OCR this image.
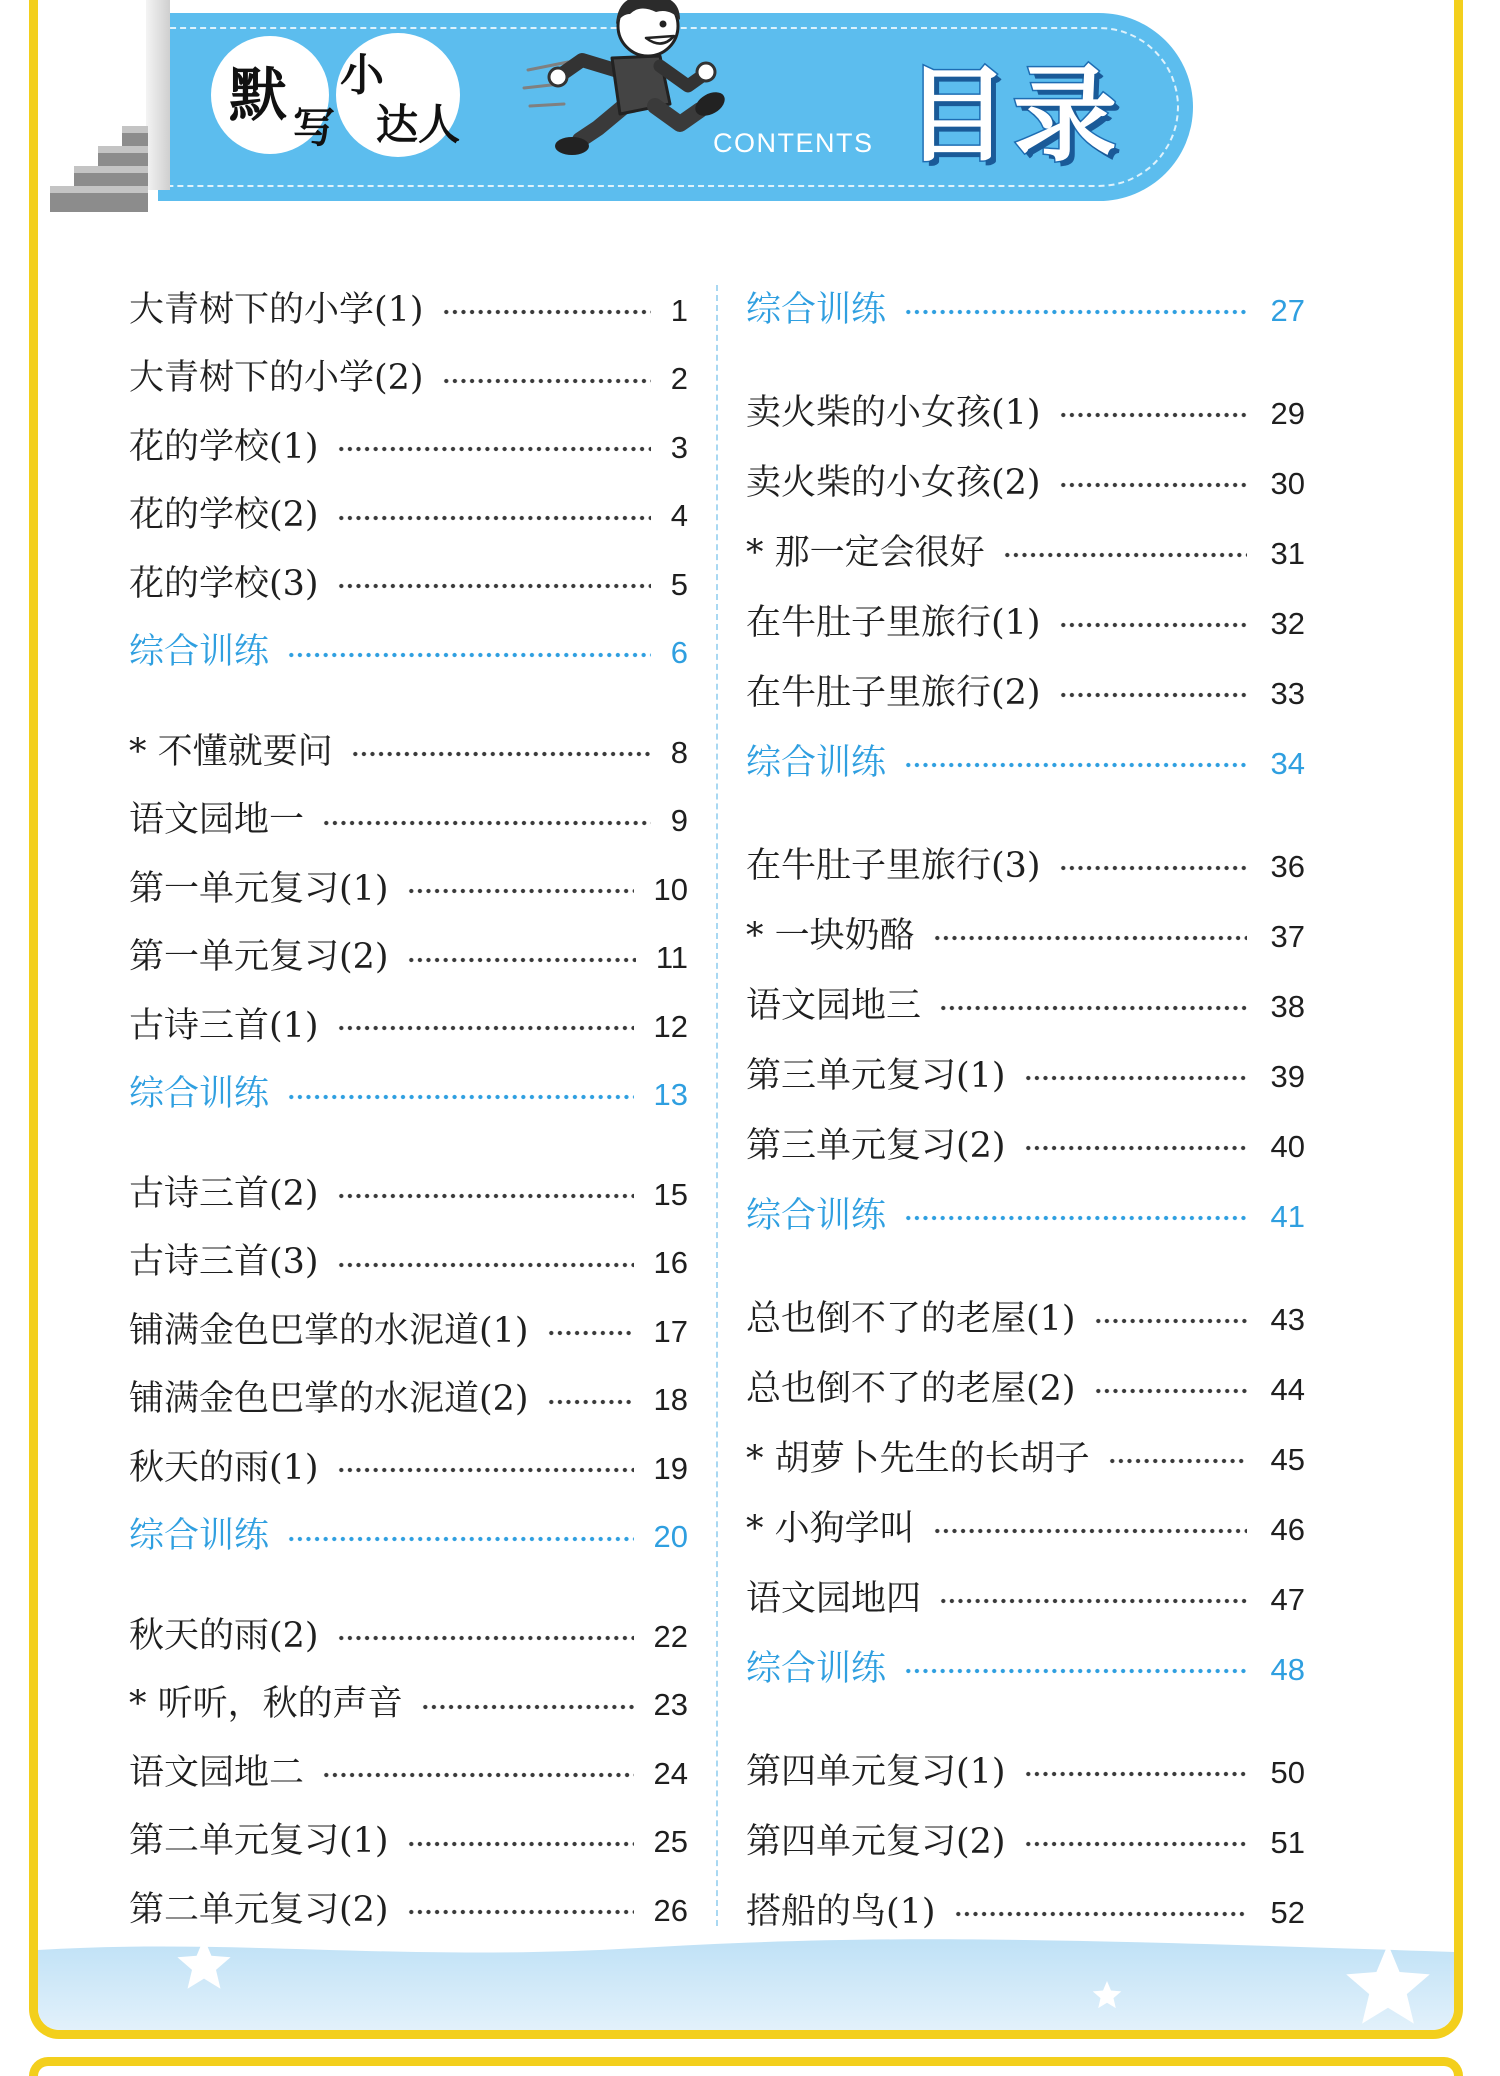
默 写
小
达人	CONTENTS 目录
大青树下的小学(1)	1
大青树下的小学(2)	2
花的学校(1)	3
花的学校(2)	4
花的学校(3)	5
综合训练	6
* 不懂就要问	8
语文园地一	9
第一单元复习(1)	10
第一单元复习(2)	11
古诗三首(1)	12
综合训练	13
古诗三首(2)	15
古诗三首(3)	16
铺满金色巴掌的水泥道(1)	17
铺满金色巴掌的水泥道(2)	18
秋天的雨(1)	19
综合训练	20
秋天的雨(2)	22
* 听听，秋的声音	23
语文园地二	24
第二单元复习(1)	25
第二单元复习(2)	26
综合训练	27
卖火柴的小女孩(1)	29
卖火柴的小女孩(2)	30
* 那一定会很好	31
在牛肚子里旅行(1)	32
在牛肚子里旅行(2)	33
综合训练	34
在牛肚子里旅行(3)	36
* 一块奶酪	37
语文园地三	38
第三单元复习(1)	39
第三单元复习(2)	40
综合训练	41
总也倒不了的老屋(1)	43
总也倒不了的老屋(2)	44
* 胡萝卜先生的长胡子	45
* 小狗学叫	46
语文园地四	47
综合训练	48
第四单元复习(1)	50
第四单元复习(2)	51
搭船的鸟(1)	52
